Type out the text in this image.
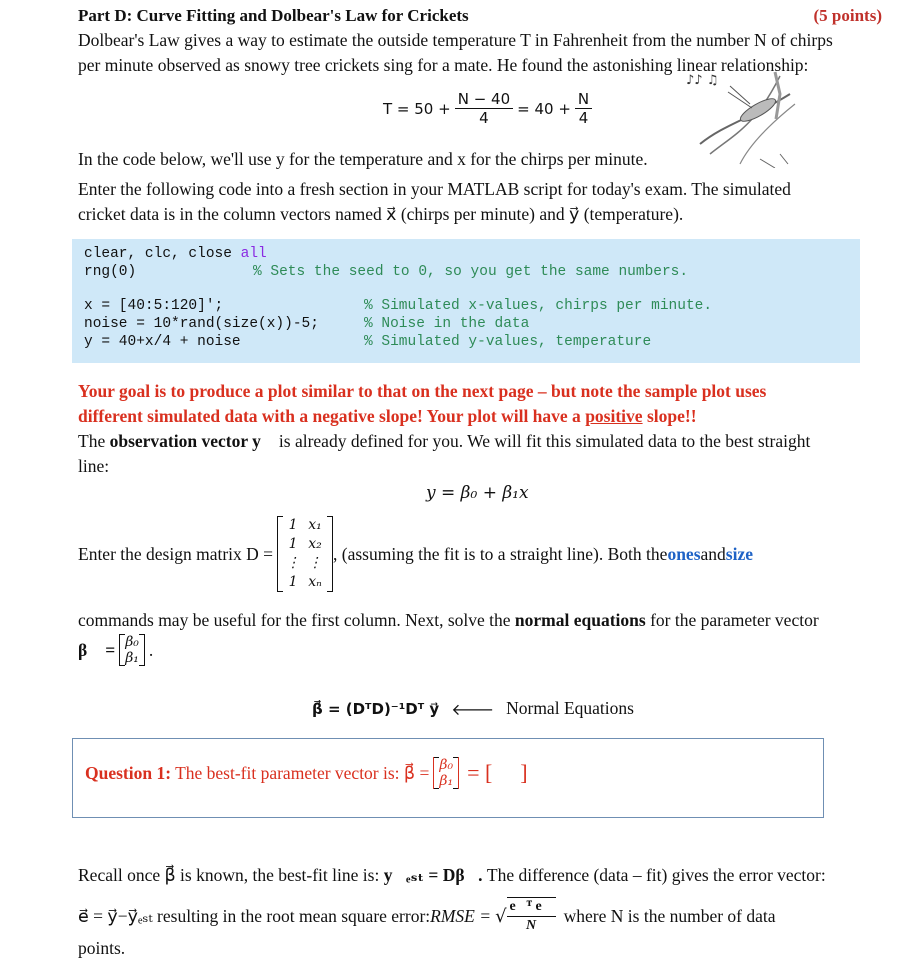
Part D: Curve Fitting and Dolbear's Law for Crickets	(5 points)
Dolbear's Law gives a way to estimate the outside temperature T in Fahrenheit from the number N of chirps
per minute observed as snowy tree crickets sing for a mate. He found the astonishing linear relationship:
$T = 50 + \frac{N - 40}{4} = 40 + \frac{N}{4}$
♪♪ ♫
In the code below, we'll use y for the temperature and x for the chirps per minute.
Enter the following code into a fresh section in your MATLAB script for today's exam. The simulated
cricket data is in the column vectors named x⃗ (chirps per minute) and y⃗ (temperature).
clear, clc, close all
rng(0)	% Sets the seed to 0, so you get the same numbers.
x = [40:5:120]';	% Simulated x-values, chirps per minute.
noise = 10*rand(size(x))-5;	% Noise in the data
y = 40+x/4 + noise	% Simulated y-values, temperature
Your goal is to produce a plot similar to that on the next page – but note the sample plot uses
different simulated data with a negative slope! Your plot will have a positive slope!!
The observation vector y⃗ is already defined for you. We will fit this simulated data to the best straight
line:
y = β₀ + β₁x
Enter the design matrix D =
1 x₁
1 x₂
⋮ ⋮
1 xₙ
, (assuming the fit is to a straight line). Both the ones and size
commands may be useful for the first column. Next, solve the normal equations for the parameter vector
β⃗ = β₀
β₁ .
β⃗ = (DᵀD)⁻¹Dᵀ y⃗ 🡐 Normal Equations
Question 1: The best-fit parameter vector is: β⃗ = β₀
β₁ = [ ]
Recall once β⃗ is known, the best-fit line is: y⃗ₑₛₜ = Dβ⃗. The difference (data – fit) gives the error vector:
e⃗ = y⃗−y⃗ₑₛₜ resulting in the root mean square error: RMSE = √ $\frac{\text{e⃗ᵀ e⃗}}{N}$ where N is the number of data
points.
